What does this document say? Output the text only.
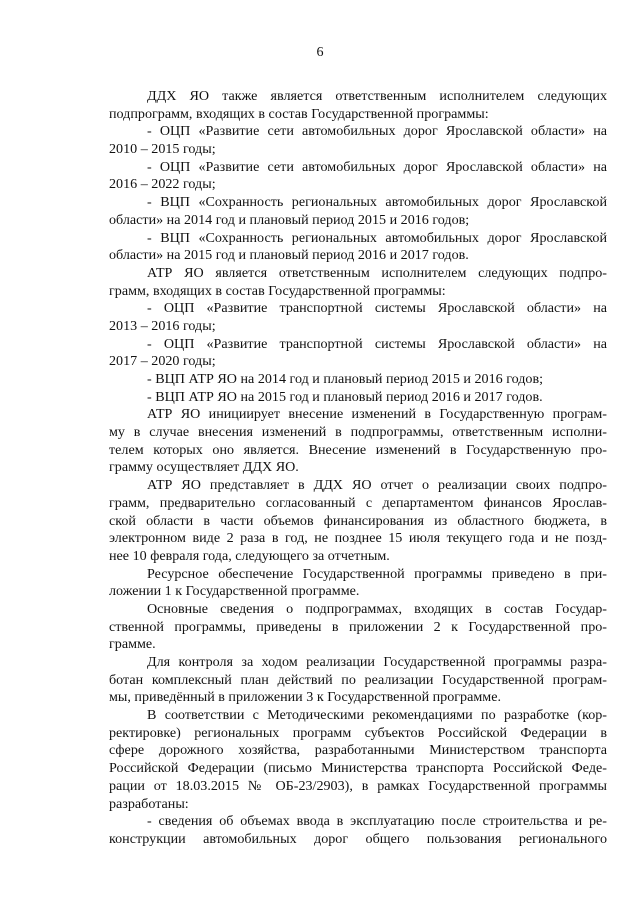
6
ДДХ ЯО также является ответственным исполнителем следующих
подпрограмм, входящих в состав Государственной программы:
- ОЦП «Развитие сети автомобильных дорог Ярославской области» на
2010 – 2015 годы;
- ОЦП «Развитие сети автомобильных дорог Ярославской области» на
2016 – 2022 годы;
- ВЦП «Сохранность региональных автомобильных дорог Ярославской
области» на 2014 год и плановый период 2015 и 2016 годов;
- ВЦП «Сохранность региональных автомобильных дорог Ярославской
области» на 2015 год и плановый период 2016 и 2017 годов.
АТР ЯО является ответственным исполнителем следующих подпро-
грамм, входящих в состав Государственной программы:
- ОЦП «Развитие транспортной системы Ярославской области» на
2013 – 2016 годы;
- ОЦП «Развитие транспортной системы Ярославской области» на
2017 – 2020 годы;
- ВЦП АТР ЯО на 2014 год и плановый период 2015 и 2016 годов;
- ВЦП АТР ЯО на 2015 год и плановый период 2016 и 2017 годов.
АТР ЯО инициирует внесение изменений в Государственную програм-
му в случае внесения изменений в подпрограммы, ответственным исполни-
телем которых оно является. Внесение изменений в Государственную про-
грамму осуществляет ДДХ ЯО.
АТР ЯО представляет в ДДХ ЯО отчет о реализации своих подпро-
грамм, предварительно согласованный с департаментом финансов Ярослав-
ской области в части объемов финансирования из областного бюджета, в
электронном виде 2 раза в год, не позднее 15 июля текущего года и не позд-
нее 10 февраля года, следующего за отчетным.
Ресурсное обеспечение Государственной программы приведено в при-
ложении 1 к Государственной программе.
Основные сведения о подпрограммах, входящих в состав Государ-
ственной программы, приведены в приложении 2 к Государственной про-
грамме.
Для контроля за ходом реализации Государственной программы разра-
ботан комплексный план действий по реализации Государственной програм-
мы, приведённый в приложении 3 к Государственной программе.
В соответствии с Методическими рекомендациями по разработке (кор-
ректировке) региональных программ субъектов Российской Федерации в
сфере дорожного хозяйства, разработанными Министерством транспорта
Российской Федерации (письмо Министерства транспорта Российской Феде-
рации от 18.03.2015 № ОБ-23/2903), в рамках Государственной программы
разработаны:
- сведения об объемах ввода в эксплуатацию после строительства и ре-
конструкции автомобильных дорог общего пользования регионального
